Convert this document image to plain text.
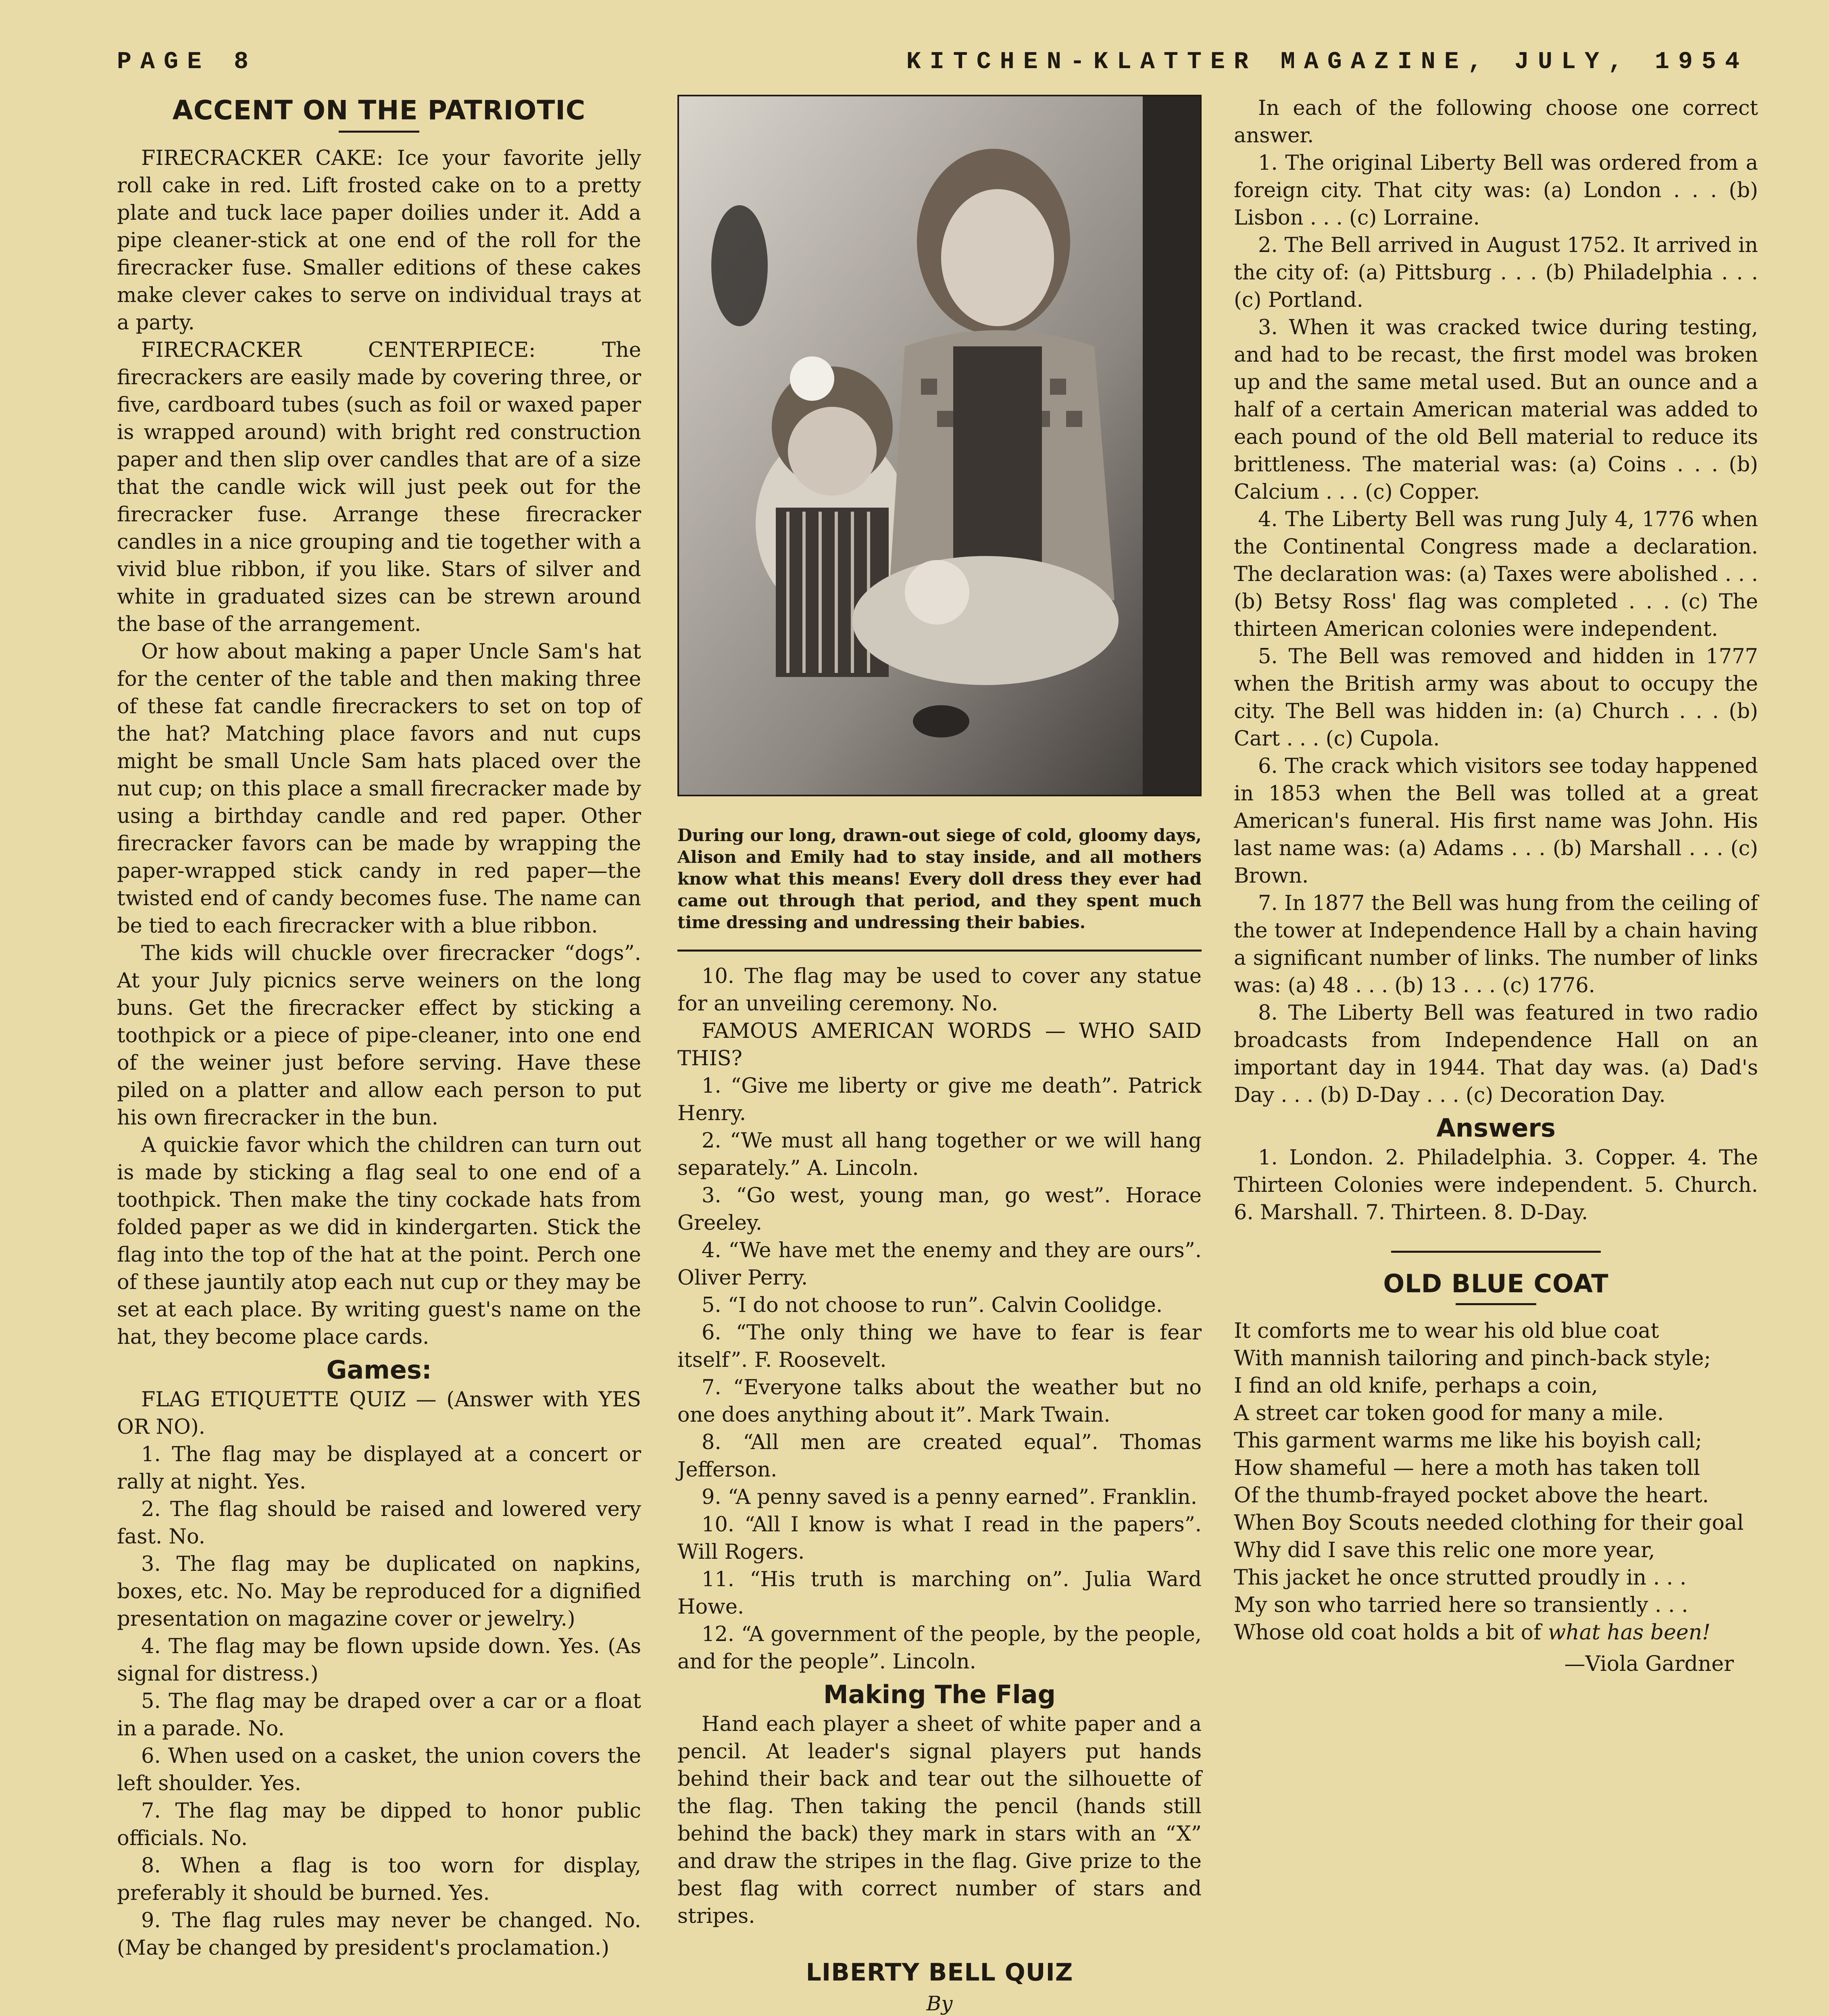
PAGE 8	KITCHEN-KLATTER MAGAZINE, JULY, 1954
ACCENT ON THE PATRIOTIC

FIRECRACKER CAKE: Ice your favorite jelly roll cake in red. Lift frosted cake on to a pretty plate and tuck lace paper doilies under it. Add a pipe cleaner-stick at one end of the roll for the firecracker fuse. Smaller editions of these cakes make clever cakes to serve on individual trays at a party.

FIRECRACKER CENTERPIECE: The firecrackers are easily made by covering three, or five, cardboard tubes (such as foil or waxed paper is wrapped around) with bright red construction paper and then slip over candles that are of a size that the candle wick will just peek out for the firecracker fuse. Arrange these firecracker candles in a nice grouping and tie together with a vivid blue ribbon, if you like. Stars of silver and white in graduated sizes can be strewn around the base of the arrangement.

Or how about making a paper Uncle Sam's hat for the center of the table and then making three of these fat candle firecrackers to set on top of the hat? Matching place favors and nut cups might be small Uncle Sam hats placed over the nut cup; on this place a small firecracker made by using a birthday candle and red paper. Other firecracker favors can be made by wrapping the paper-wrapped stick candy in red paper—the twisted end of candy becomes fuse. The name can be tied to each firecracker with a blue ribbon.

The kids will chuckle over firecracker “dogs”. At your July picnics serve weiners on the long buns. Get the firecracker effect by sticking a toothpick or a piece of pipe-cleaner, into one end of the weiner just before serving. Have these piled on a platter and allow each person to put his own firecracker in the bun.

A quickie favor which the children can turn out is made by sticking a flag seal to one end of a toothpick. Then make the tiny cockade hats from folded paper as we did in kindergarten. Stick the flag into the top of the hat at the point. Perch one of these jauntily atop each nut cup or they may be set at each place. By writing guest's name on the hat, they become place cards.

Games:

FLAG ETIQUETTE QUIZ — (Answer with YES OR NO).

1. The flag may be displayed at a concert or rally at night. Yes.

2. The flag should be raised and lowered very fast. No.

3. The flag may be duplicated on napkins, boxes, etc. No. May be reproduced for a dignified presentation on magazine cover or jewelry.)

4. The flag may be flown upside down. Yes. (As signal for distress.)

5. The flag may be draped over a car or a float in a parade. No.

6. When used on a casket, the union covers the left shoulder. Yes.

7. The flag may be dipped to honor public officials. No.

8. When a flag is too worn for display, preferably it should be burned. Yes.

9. The flag rules may never be changed. No. (May be changed by president's proclamation.)

During our long, drawn-out siege of cold, gloomy days, Alison and Emily had to stay inside, and all mothers know what this means! Every doll dress they ever had came out through that period, and they spent much time dressing and undressing their babies.

10. The flag may be used to cover any statue for an unveiling ceremony. No.

FAMOUS AMERICAN WORDS — WHO SAID THIS?

1. “Give me liberty or give me death”. Patrick Henry.

2. “We must all hang together or we will hang separately.” A. Lincoln.

3. “Go west, young man, go west”. Horace Greeley.

4. “We have met the enemy and they are ours”. Oliver Perry.

5. “I do not choose to run”. Calvin Coolidge.

6. “The only thing we have to fear is fear itself”. F. Roosevelt.

7. “Everyone talks about the weather but no one does anything about it”. Mark Twain.

8. “All men are created equal”. Thomas Jefferson.

9. “A penny saved is a penny earned”. Franklin.

10. “All I know is what I read in the papers”. Will Rogers.

11. “His truth is marching on”. Julia Ward Howe.

12. “A government of the people, by the people, and for the people”. Lincoln.

Making The Flag

Hand each player a sheet of white paper and a pencil. At leader's signal players put hands behind their back and tear out the silhouette of the flag. Then taking the pencil (hands still behind the back) they mark in stars with an “X” and draw the stripes in the flag. Give prize to the best flag with correct number of stars and stripes.

LIBERTY BELL QUIZ
By

In each of the following choose one correct answer.

1. The original Liberty Bell was ordered from a foreign city. That city was: (a) London . . . (b) Lisbon . . . (c) Lorraine.

2. The Bell arrived in August 1752. It arrived in the city of: (a) Pittsburg . . . (b) Philadelphia . . . (c) Portland.

3. When it was cracked twice during testing, and had to be recast, the first model was broken up and the same metal used. But an ounce and a half of a certain American material was added to each pound of the old Bell material to reduce its brittleness. The material was: (a) Coins . . . (b) Calcium . . . (c) Copper.

4. The Liberty Bell was rung July 4, 1776 when the Continental Congress made a declaration. The declaration was: (a) Taxes were abolished . . . (b) Betsy Ross' flag was completed . . . (c) The thirteen American colonies were independent.

5. The Bell was removed and hidden in 1777 when the British army was about to occupy the city. The Bell was hidden in: (a) Church . . . (b) Cart . . . (c) Cupola.

6. The crack which visitors see today happened in 1853 when the Bell was tolled at a great American's funeral. His first name was John. His last name was: (a) Adams . . . (b) Marshall . . . (c) Brown.

7. In 1877 the Bell was hung from the ceiling of the tower at Independence Hall by a chain having a significant number of links. The number of links was: (a) 48 . . . (b) 13 . . . (c) 1776.

8. The Liberty Bell was featured in two radio broadcasts from Independence Hall on an important day in 1944. That day was. (a) Dad's Day . . . (b) D-Day . . . (c) Decoration Day.

Answers

1. London. 2. Philadelphia. 3. Copper. 4. The Thirteen Colonies were independent. 5. Church. 6. Marshall. 7. Thirteen. 8. D-Day.

OLD BLUE COAT
It comforts me to wear his old blue coat
With mannish tailoring and pinch-back style;
I find an old knife, perhaps a coin,
A street car token good for many a mile.
This garment warms me like his boyish call;
How shameful — here a moth has taken toll
Of the thumb-frayed pocket above the heart.
When Boy Scouts needed clothing for their goal
Why did I save this relic one more year,
This jacket he once strutted proudly in . . .
My son who tarried here so transiently . . .
Whose old coat holds a bit of what has been!
—Viola Gardner
